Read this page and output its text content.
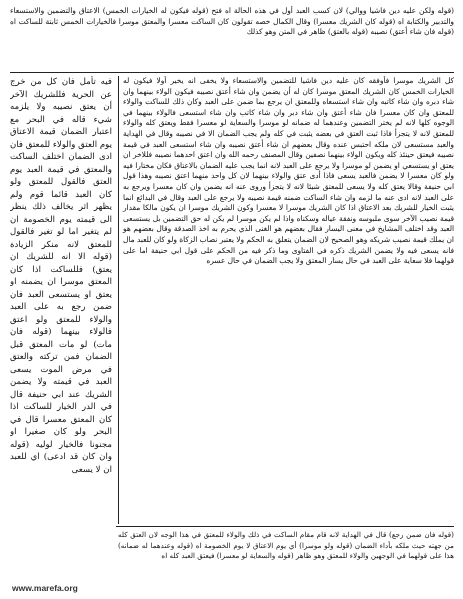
(قوله ولكن عليه دين فاشيا ووالي) لان كسب العبد أول في هذه الحالة اه فتح (قوله فيكون له الخيارات الخمس) الاعتاق والتضمين والاستسعاء والتدبير والكتابة اه (قوله كان الشريك معسرا) وقال الكمال خصه تقولون كان الساكت معسرا والمعتق موسرا فالخيارات الخمس ثابتة للساكت اه (قوله فان شاء أعتق) نصيبه (قوله بالعتق) ظاهر في المتن وهو كذلك

كل الشريك موسرا فأوفقه كان عليه دين فاشيا للتضمين والاستسعاء ولا يخفى انه يخير أولا فيكون له الخيارات الخمس كان الشريك المعتق موسرا كان له أن يضمن وان شاء أعتق نصيبه فيكون الولاء بينهما وان شاء دبره وان شاء كاتبه وان شاء استسعاه وللمعتق ان يرجع بما ضمن على العبد وكان ذلك للساكت والولاء للمعتق وان كان معسرا فان شاء أعتق وان شاء دبر وان شاء كاتب وان شاء استسعى فالولاء بينهما في الوجوه كلها لانه لم يختر التضمين وعندهما له ضمانه لو موسرا والسعاية لو معسرا فقط ويعتق كله والولاء للمعتق لانه لا يتجزأ فاذا ثبت العتق في بعضه يثبت في كله ولم يجب الضمان الا في نصيبه وقال في الهداية والعبد مستسعى لان ملكه احتبس عنده وقال بعضهم ان شاء أعتق نصيبه وان شاء استسعى العبد في قيمة نصيبه فيعتق حينئذ كله ويكون الولاء بينهما نصفين وقال المصنف رحمه الله وان اعتق احدهما نصيبه فللاخر ان يعتق او يستسعي او يضمن لو موسرا ولا يرجع على العبد لانه انما يجب عليه الضمان بالاعتاق فكان مختارا فيه ولو كان معسرا لا يضمن فالعبد يسعى فاذا أدى عتق والولاء بينهما لان كل واحد منهما اعتق نصيبه وهذا قول ابي حنيفة وقالا يعتق كله ولا يسعى للمعتق شيئا لانه لا يتجزأ وروى عنه انه يضمن وان كان معسرا ويرجع به على العبد لانه ادى عنه ما لزمه وان شاء الساكت ضمنه قيمة نصيبه ولا يرجع على العبد وقال في البدائع انما يثبت الخيار للشريك بعد الاعتاق اذا كان الشريك موسرا لا معسرا وكون الشريك موسرا ان يكون مالكا مقدار قيمة نصيب الآخر سوى ملبوسه ونفقة عياله وسكناه واذا لم يكن موسرا لم يكن له حق التضمين بل يستسعى العبد وقد اختلف المشايخ في معنى اليسار فقال بعضهم هو الغنى الذي يحرم به اخذ الصدقة وقال بعضهم هو ان يملك قيمة نصيب شريكه وهو الصحيح لان الضمان يتعلق به الحكم ولا يعتبر نصاب الزكاة ولو كان للعبد مال فانه يسعى فيه ولا يضمن الشريك ذكره في الفتاوى وما ذكر فيه من الحكم على قول ابي حنيفة اما على قولهما فلا سعاية على العبد في حال يسار المعتق ولا يجب الضمان في حال عسره

فيه تأمل فان كل من خرج عن الحرية فللشريك الآخر أن يعتق نصيبه ولا يلزمه شيء قاله في البحر مع اعتبار الضمان قيمة الاعتاق يوم العتق والولاء للمعتق فان ادى الضمان اختلف الساكت والمعتق في قيمة العبد يوم العتق فالقول للمعتق ولو كان العبد قائما قوم ولم يظهر اثر يخالف ذلك ينظر الى قيمته يوم الخصومة ان لم يتغير اما لو تغير فالقول للمعتق لانه منكر الزيادة (قوله الا انه للشريك ان يعتق) فللساكت اذا كان المعتق موسرا ان يضمنه او يعتق او يستسعى العبد فان ضمن رجع به على العبد والولاء للمعتق ولو اعتق فالولاء بينهما (قوله فان مات) لو مات المعتق قبل الضمان فمن تركته والعتق في مرض الموت يسعى العبد في قيمته ولا يضمن الشريك عند ابي حنيفة قال في الدر الخيار للساكت اذا كان المعتق معسرا قال في البحر ولو كان صغيرا او مجنونا فالخيار لوليه (قوله وان كان قد ادعى) اي للعبد ان لا يسعى

(قوله فان ضمن رجع) قال في الهداية لانه قام مقام الساكت في ذلك والولاء للمعتق في هذا الوجه لان العتق كله من جهته حيث ملكه بأداء الضمان (قوله ولو موسرا) أي يوم الاعتاق لا يوم الخصومة اه (قوله وعندهما له ضمانه) هذا على قولهما في الوجهين والولاء للمعتق وهو ظاهر (قوله والسعاية لو معسرا) فيعتق العبد كله اه

www.marefa.org
